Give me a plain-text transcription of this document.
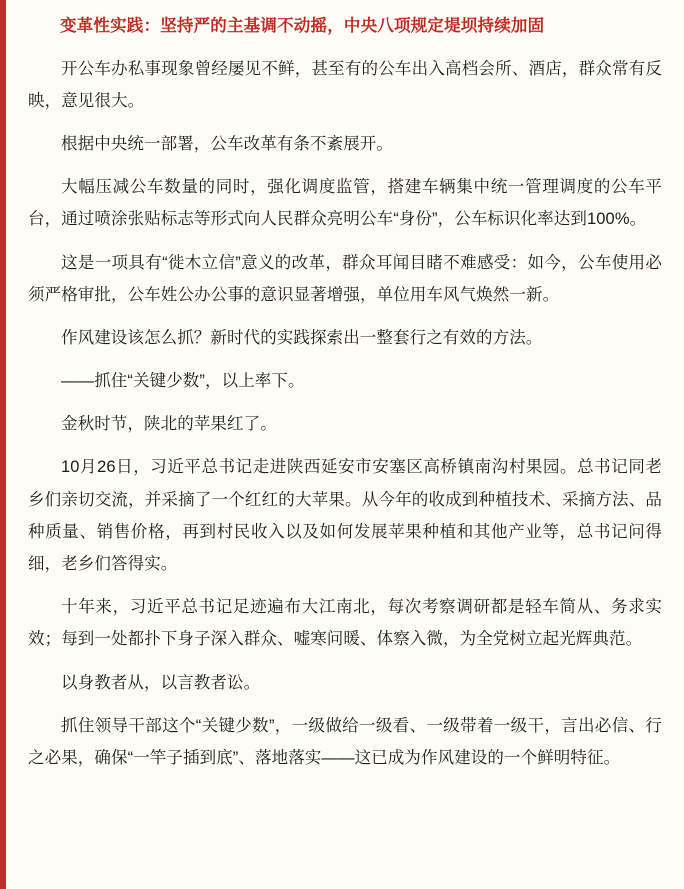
变革性实践：坚持严的主基调不动摇，中央八项规定堤坝持续加固

开公车办私事现象曾经屡见不鲜，甚至有的公车出入高档会所、酒店，群众常有反映，意见很大。

根据中央统一部署，公车改革有条不紊展开。

大幅压减公车数量的同时，强化调度监管，搭建车辆集中统一管理调度的公车平台，通过喷涂张贴标志等形式向人民群众亮明公车“身份”，公车标识化率达到100%。

这是一项具有“徙木立信”意义的改革，群众耳闻目睹不难感受：如今，公车使用必须严格审批，公车姓公办公事的意识显著增强，单位用车风气焕然一新。

作风建设该怎么抓？新时代的实践探索出一整套行之有效的方法。

——抓住“关键少数”，以上率下。

金秋时节，陕北的苹果红了。

10月26日，习近平总书记走进陕西延安市安塞区高桥镇南沟村果园。总书记同老乡们亲切交流，并采摘了一个红红的大苹果。从今年的收成到种植技术、采摘方法、品种质量、销售价格，再到村民收入以及如何发展苹果种植和其他产业等，总书记问得细，老乡们答得实。

十年来，习近平总书记足迹遍布大江南北，每次考察调研都是轻车简从、务求实效；每到一处都扑下身子深入群众、嘘寒问暖、体察入微，为全党树立起光辉典范。

以身教者从，以言教者讼。

抓住领导干部这个“关键少数”，一级做给一级看、一级带着一级干，言出必信、行之必果，确保“一竿子插到底”、落地落实——这已成为作风建设的一个鲜明特征。
